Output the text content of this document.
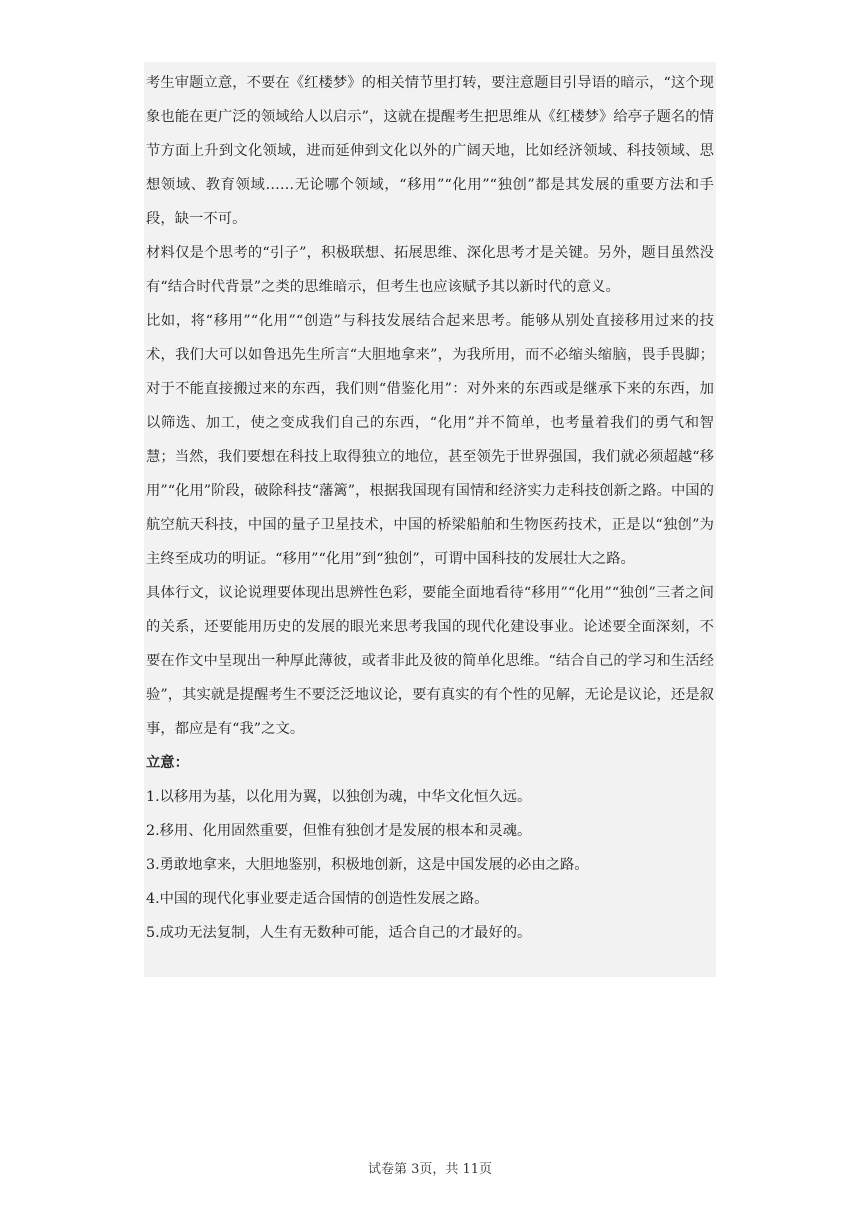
考生审题立意，不要在《红楼梦》的相关情节里打转，要注意题目引导语的暗示，“这个现象也能在更广泛的领域给人以启示”，这就在提醒考生把思维从《红楼梦》给亭子题名的情节方面上升到文化领域，进而延伸到文化以外的广阔天地，比如经济领域、科技领域、思想领域、教育领域……无论哪个领域，“移用”“化用”“独创”都是其发展的重要方法和手段，缺一不可。

材料仅是个思考的“引子”，积极联想、拓展思维、深化思考才是关键。另外，题目虽然没有“结合时代背景”之类的思维暗示，但考生也应该赋予其以新时代的意义。

比如，将“移用”“化用”“创造”与科技发展结合起来思考。能够从别处直接移用过来的技术，我们大可以如鲁迅先生所言“大胆地拿来”，为我所用，而不必缩头缩脑，畏手畏脚；对于不能直接搬过来的东西，我们则“借鉴化用”：对外来的东西或是继承下来的东西，加以筛选、加工，使之变成我们自己的东西，“化用”并不简单，也考量着我们的勇气和智慧；当然，我们要想在科技上取得独立的地位，甚至领先于世界强国，我们就必须超越“移用”“化用”阶段，破除科技“藩篱”，根据我国现有国情和经济实力走科技创新之路。中国的航空航天科技，中国的量子卫星技术，中国的桥梁船舶和生物医药技术，正是以“独创”为主终至成功的明证。“移用”“化用”到“独创”，可谓中国科技的发展壮大之路。

具体行文，议论说理要体现出思辨性色彩，要能全面地看待“移用”“化用”“独创”三者之间的关系，还要能用历史的发展的眼光来思考我国的现代化建设事业。论述要全面深刻，不要在作文中呈现出一种厚此薄彼，或者非此及彼的简单化思维。“结合自己的学习和生活经验”，其实就是提醒考生不要泛泛地议论，要有真实的有个性的见解，无论是议论，还是叙事，都应是有“我”之文。

立意：

1.以移用为基，以化用为翼，以独创为魂，中华文化恒久远。

2.移用、化用固然重要，但惟有独创才是发展的根本和灵魂。

3.勇敢地拿来，大胆地鉴别，积极地创新，这是中国发展的必由之路。

4.中国的现代化事业要走适合国情的创造性发展之路。

5.成功无法复制，人生有无数种可能，适合自己的才最好的。

试卷第 3页，共 11页
